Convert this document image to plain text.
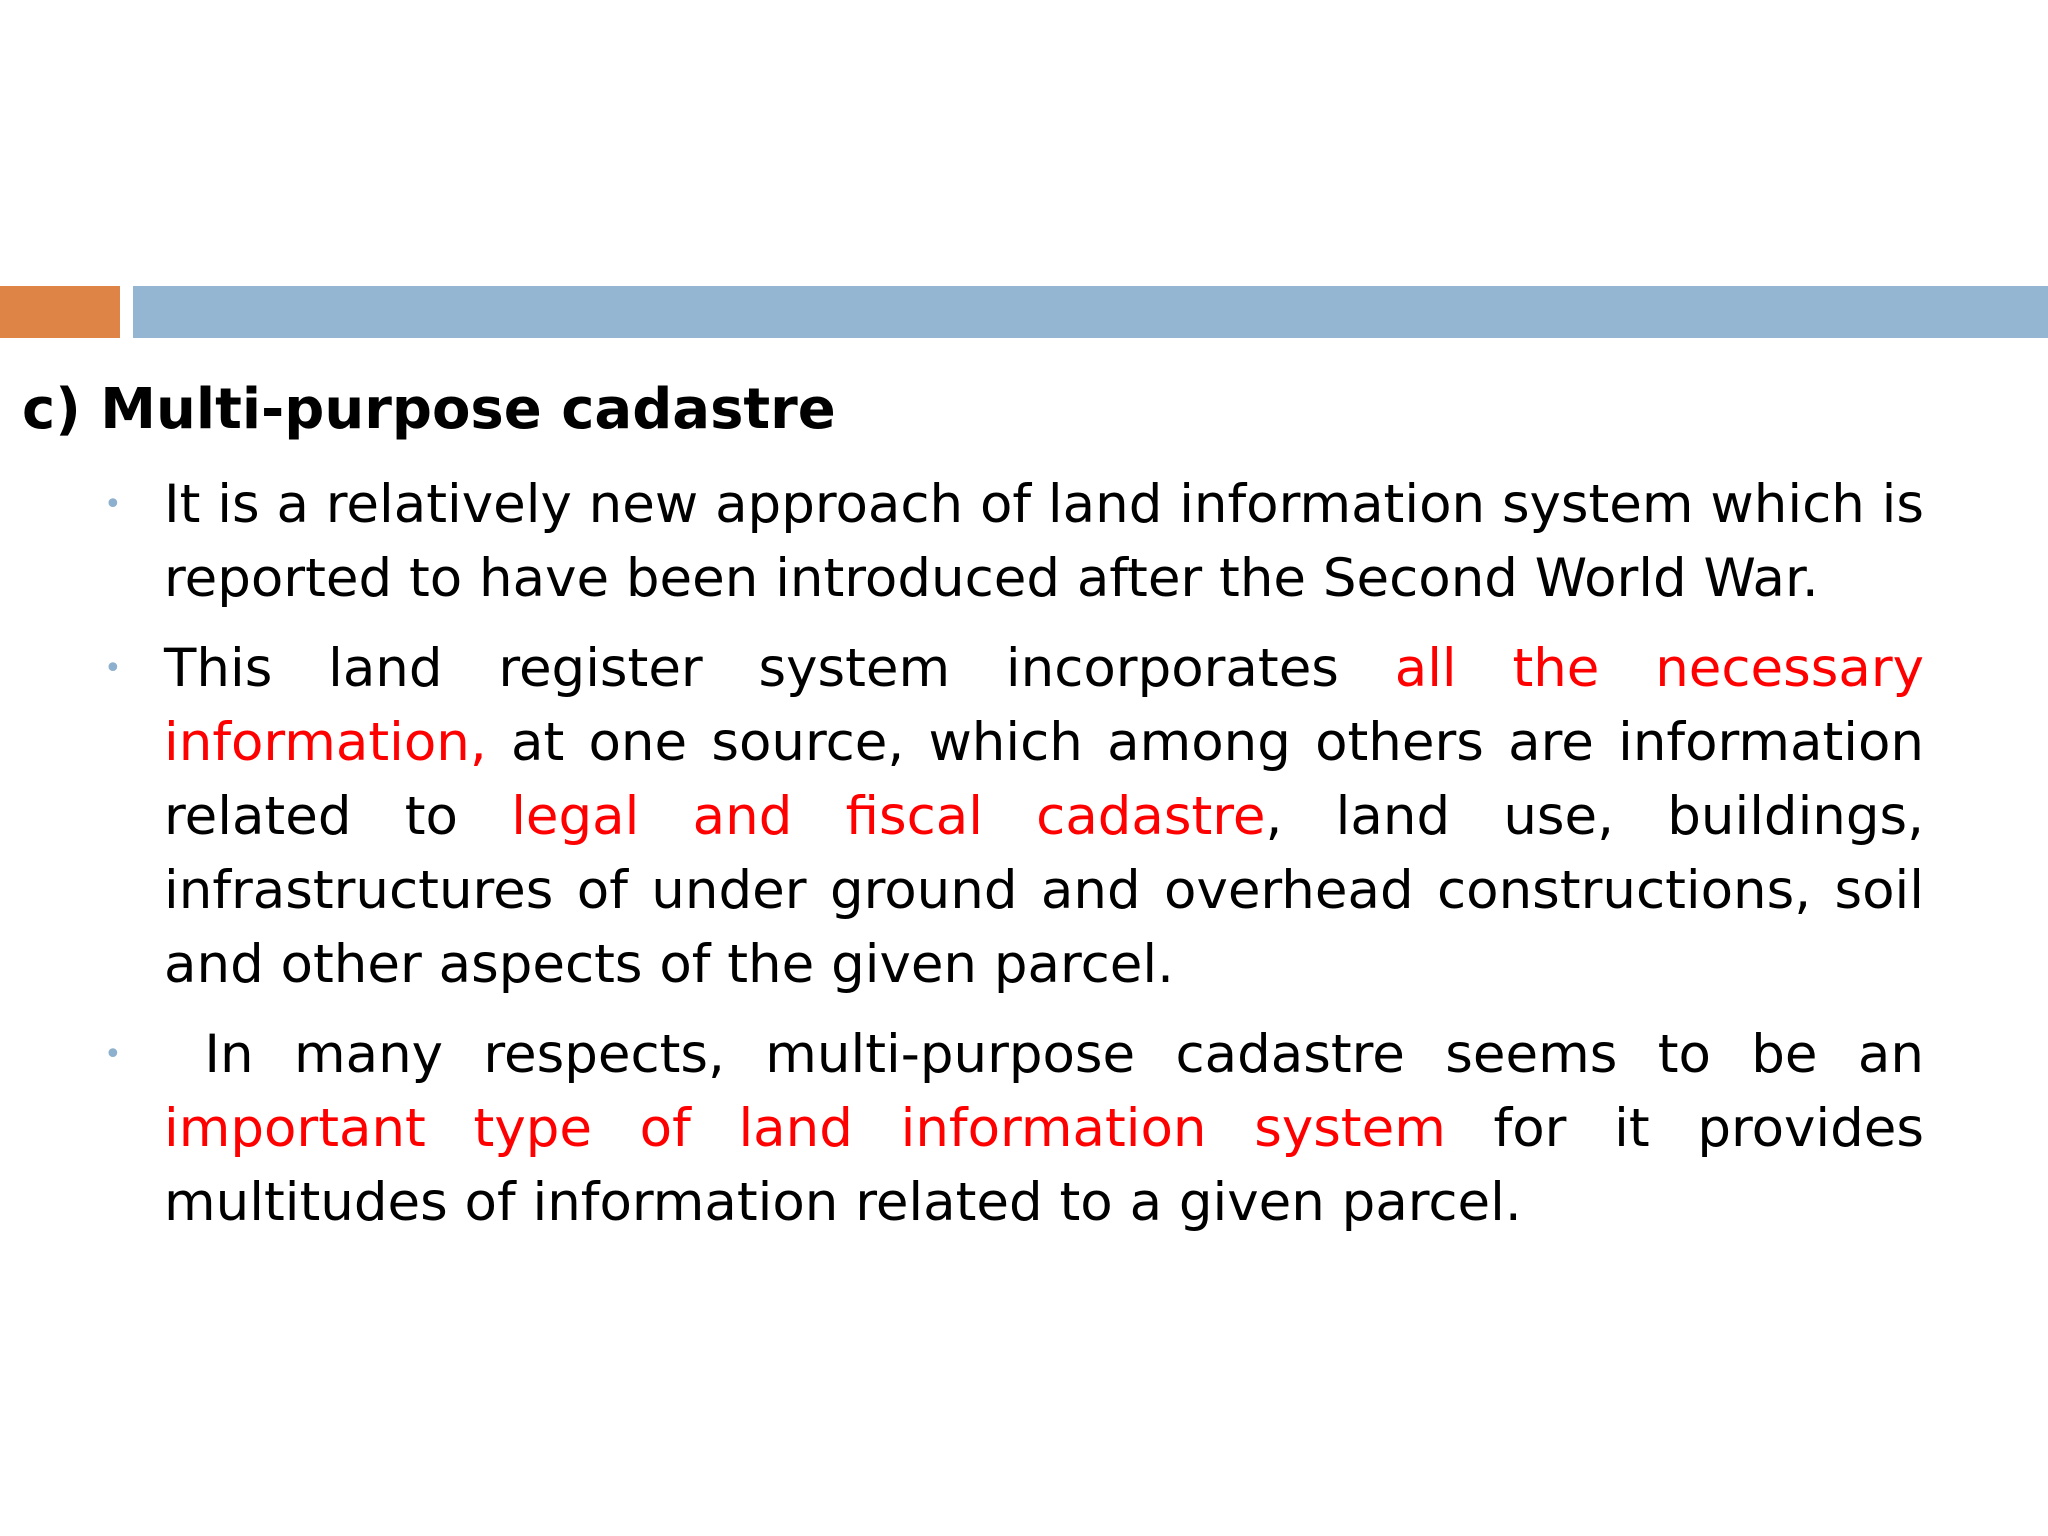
c) Multi-purpose cadastre
• It is a relatively new approach of land information system which is reported to have been introduced after the Second World War.

• This land register system incorporates all the necessary information, at one source, which among others are information related to legal and fiscal cadastre, land use, buildings, infrastructures of under ground and overhead constructions, soil and other aspects of the given parcel.

• In many respects, multi-purpose cadastre seems to be an important type of land information system for it provides multitudes of information related to a given parcel.
